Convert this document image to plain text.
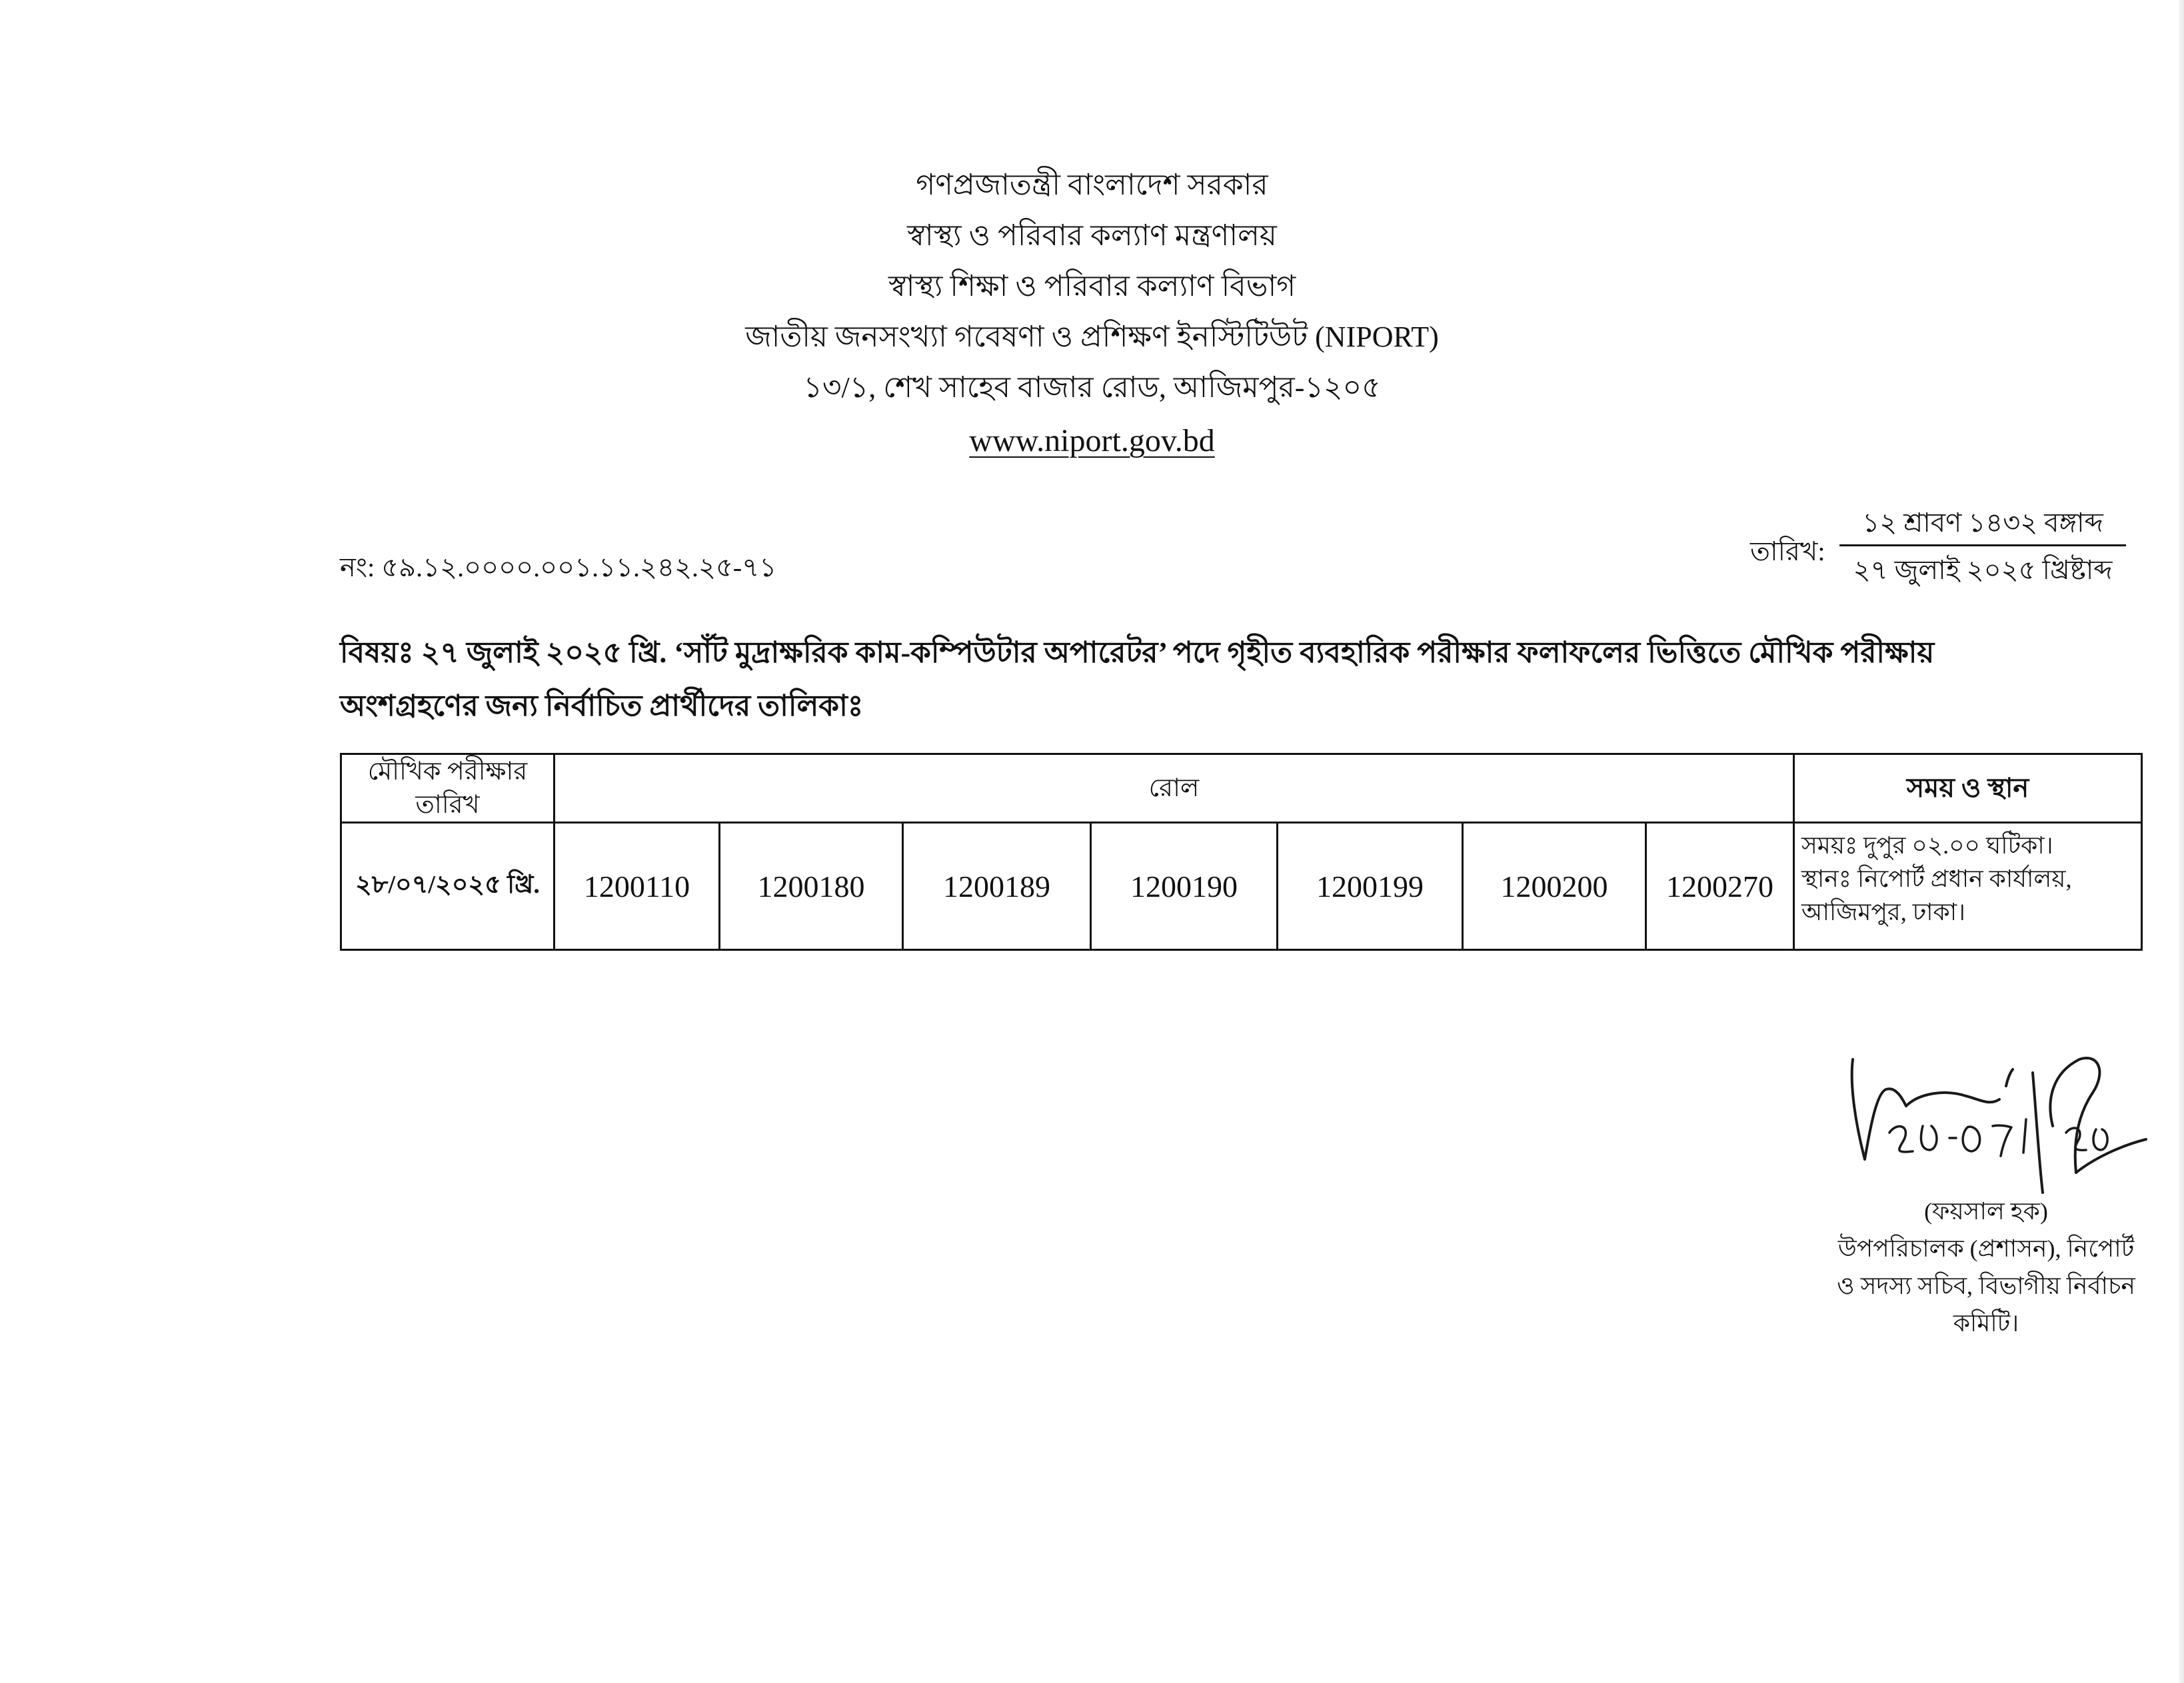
গণপ্রজাতন্ত্রী বাংলাদেশ সরকার
স্বাস্থ্য ও পরিবার কল্যাণ মন্ত্রণালয়
স্বাস্থ্য শিক্ষা ও পরিবার কল্যাণ বিভাগ
জাতীয় জনসংখ্যা গবেষণা ও প্রশিক্ষণ ইনস্টিটিউট (NIPORT)
১৩/১, শেখ সাহেব বাজার রোড, আজিমপুর-১২০৫
www.niport.gov.bd
নং: ৫৯.১২.০০০০.০০১.১১.২৪২.২৫-৭১
তারিখ:
১২ শ্রাবণ ১৪৩২ বঙ্গাব্দ
২৭ জুলাই ২০২৫ খ্রিষ্টাব্দ
বিষয়ঃ ২৭ জুলাই ২০২৫ খ্রি. ‘সাঁট মুদ্রাক্ষরিক কাম-কম্পিউটার অপারেটর’ পদে গৃহীত ব্যবহারিক পরীক্ষার ফলাফলের ভিত্তিতে মৌখিক পরীক্ষায় অংশগ্রহণের জন্য নির্বাচিত প্রার্থীদের তালিকাঃ
মৌখিক পরীক্ষার তারিখ	রোল							সময় ও স্থান
২৮/০৭/২০২৫ খ্রি.	1200110	1200180	1200189	1200190	1200199	1200200	1200270	সময়ঃ দুপুর ০২.০০ ঘটিকা।
স্থানঃ নিপোর্ট প্রধান কার্যালয়,
আজিমপুর, ঢাকা।
(ফয়সাল হক)
উপপরিচালক (প্রশাসন), নিপোর্ট
ও সদস্য সচিব, বিভাগীয় নির্বাচন
কমিটি।
